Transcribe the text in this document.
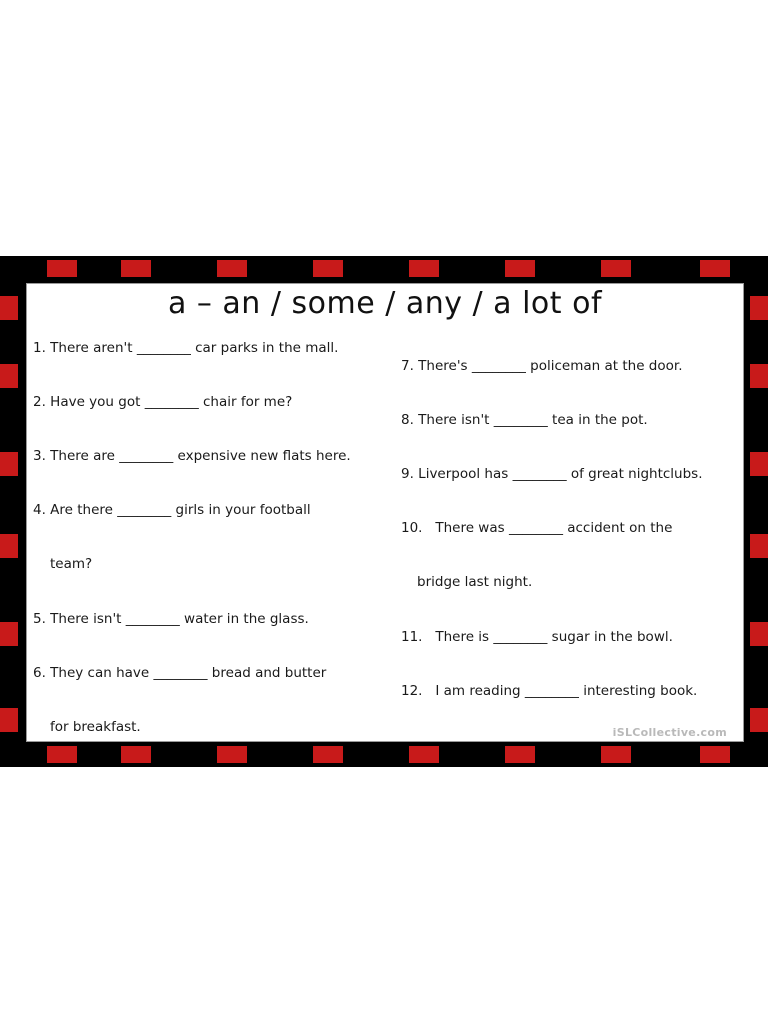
a – an / some / any / a lot of
1. There aren't ________ car parks in the mall.
2. Have you got ________ chair for me?
3. There are ________ expensive new flats here.
4. Are there ________ girls in your football
team?
5. There isn't ________ water in the glass.
6. They can have ________ bread and butter
for breakfast.
7. There's ________ policeman at the door.
8. There isn't ________ tea in the pot.
9. Liverpool has ________ of great nightclubs.
10.   There was ________ accident on the
bridge last night.
11.   There is ________ sugar in the bowl.
12.   I am reading ________ interesting book.
iSLCollective.com
